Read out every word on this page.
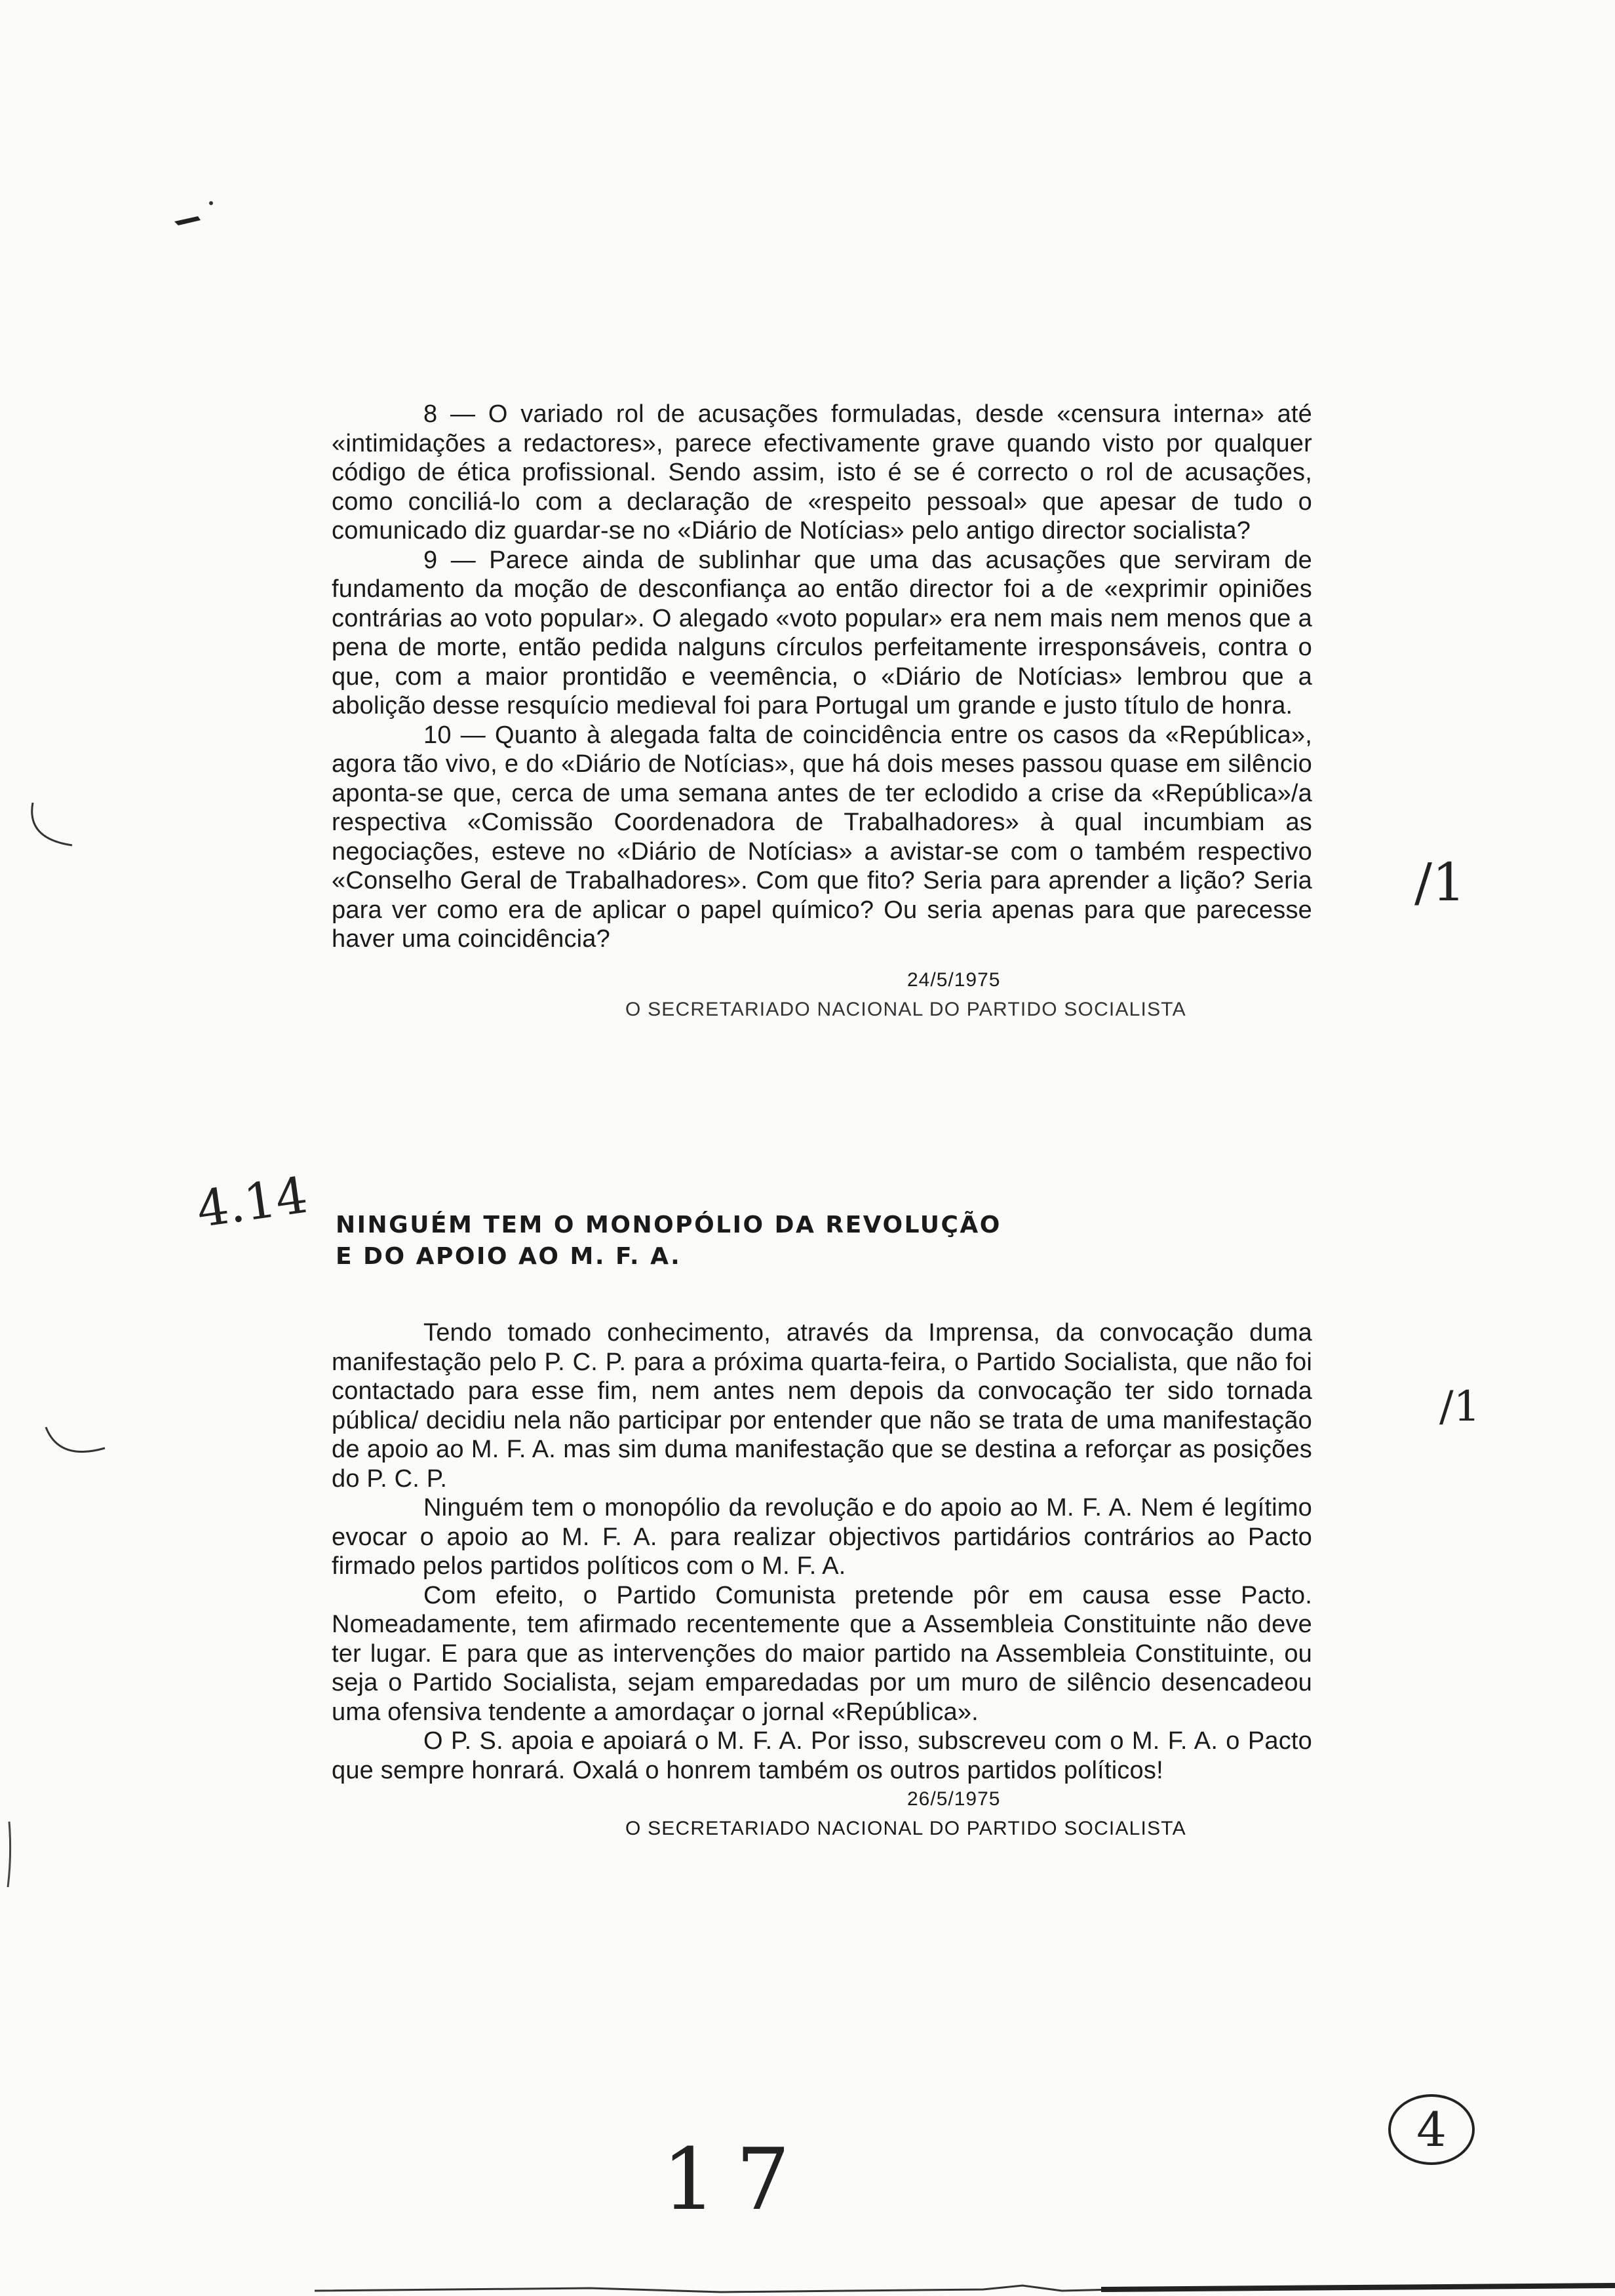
8 — O variado rol de acusações formuladas, desde «censura interna» até «intimidações a redactores», parece efectivamente grave quando visto por qualquer código de ética profissional. Sendo assim, isto é se é correcto o rol de acusações, como conciliá-lo com a declaração de «respeito pessoal» que apesar de tudo o comunicado diz guardar-se no «Diário de Notícias» pelo antigo director socialista?

9 — Parece ainda de sublinhar que uma das acusações que serviram de fundamento da moção de desconfiança ao então director foi a de «exprimir opiniões contrárias ao voto popular». O alegado «voto popular» era nem mais nem menos que a pena de morte, então pedida nalguns círculos perfeitamente irresponsáveis, contra o que, com a maior prontidão e veemência, o «Diário de Notícias» lembrou que a abolição desse resquício medieval foi para Portugal um grande e justo título de honra.

10 — Quanto à alegada falta de coincidência entre os casos da «República», agora tão vivo, e do «Diário de Notícias», que há dois meses passou quase em silêncio aponta-se que, cerca de uma semana antes de ter eclodido a crise da «República»/a respectiva «Comissão Coordenadora de Trabalhadores» à qual incumbiam as negociações, esteve no «Diário de Notícias» a avistar-se com o também respectivo «Conselho Geral de Trabalhadores». Com que fito? Seria para aprender a lição? Seria para ver como era de aplicar o papel químico? Ou seria apenas para que parecesse haver uma coincidência?

24/5/1975

O SECRETARIADO NACIONAL DO PARTIDO SOCIALISTA

4.14 NINGUÉM TEM O MONOPÓLIO DA REVOLUÇÃO
E DO APOIO AO M. F. A.

Tendo tomado conhecimento, através da Imprensa, da convocação duma manifestação pelo P. C. P. para a próxima quarta-feira, o Partido Socialista, que não foi contactado para esse fim, nem antes nem depois da convocação ter sido tornada pública/ decidiu nela não participar por entender que não se trata de uma manifestação de apoio ao M. F. A. mas sim duma manifestação que se destina a reforçar as posições do P. C. P.

Ninguém tem o monopólio da revolução e do apoio ao M. F. A. Nem é legítimo evocar o apoio ao M. F. A. para realizar objectivos partidários contrários ao Pacto firmado pelos partidos políticos com o M. F. A.

Com efeito, o Partido Comunista pretende pôr em causa esse Pacto. Nomeadamente, tem afirmado recentemente que a Assembleia Constituinte não deve ter lugar. E para que as intervenções do maior partido na Assembleia Constituinte, ou seja o Partido Socialista, sejam emparedadas por um muro de silêncio desencadeou uma ofensiva tendente a amordaçar o jornal «República».

O P. S. apoia e apoiará o M. F. A. Por isso, subscreveu com o M. F. A. o Pacto que sempre honrará. Oxalá o honrem também os outros partidos políticos!

26/5/1975

O SECRETARIADO NACIONAL DO PARTIDO SOCIALISTA

/1
/1
17	4
